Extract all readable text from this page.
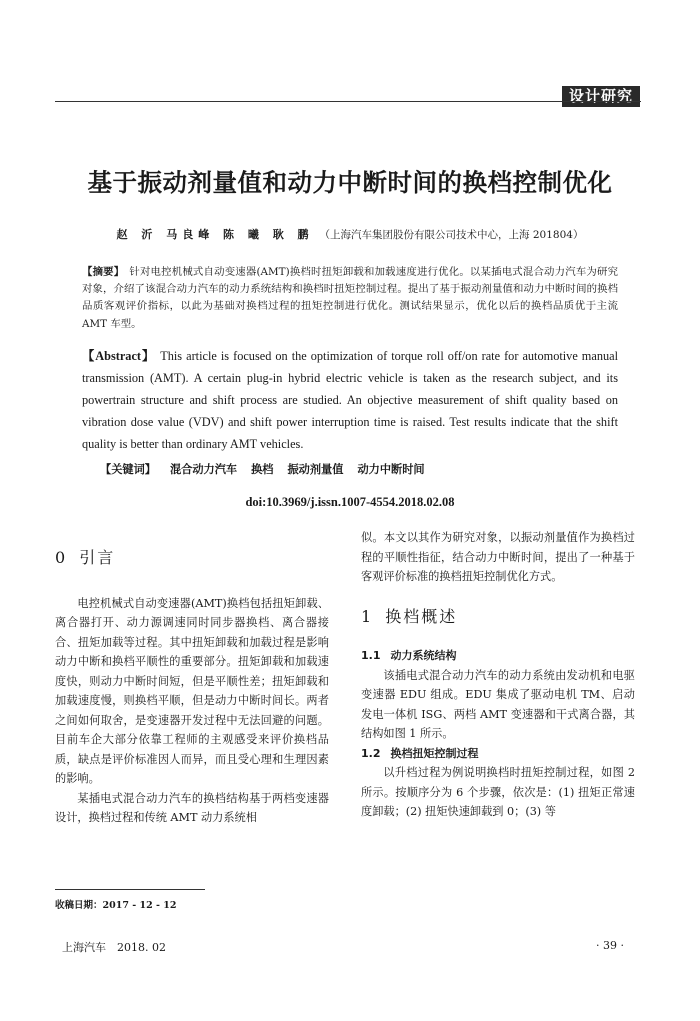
设计研究
基于振动剂量值和动力中断时间的换档控制优化
赵 沂 马良峰 陈 曦 耿 鹏 （上海汽车集团股份有限公司技术中心，上海 201804）
【摘要】 针对电控机械式自动变速器(AMT)换档时扭矩卸载和加载速度进行优化。以某插电式混合动力汽车为研究对象，介绍了该混合动力汽车的动力系统结构和换档时扭矩控制过程。提出了基于振动剂量值和动力中断时间的换档品质客观评价指标，以此为基础对换档过程的扭矩控制进行优化。测试结果显示，优化以后的换档品质优于主流 AMT 车型。
【Abstract】 This article is focused on the optimization of torque roll off/on rate for automotive manual transmission (AMT). A certain plug-in hybrid electric vehicle is taken as the research subject, and its powertrain structure and shift process are studied. An objective measurement of shift quality based on vibration dose value (VDV) and shift power interruption time is raised. Test results indicate that the shift quality is better than ordinary AMT vehicles.
【关键词】 混合动力汽车 换档 振动剂量值 动力中断时间
doi:10.3969/j.issn.1007-4554.2018.02.08
0 引言

电控机械式自动变速器(AMT)换档包括扭矩卸载、离合器打开、动力源调速同时同步器换档、离合器接合、扭矩加载等过程。其中扭矩卸载和加载过程是影响动力中断和换档平顺性的重要部分。扭矩卸载和加载速度快，则动力中断时间短，但是平顺性差；扭矩卸载和加载速度慢，则换档平顺，但是动力中断时间长。两者之间如何取舍，是变速器开发过程中无法回避的问题。目前车企大部分依靠工程师的主观感受来评价换档品质，缺点是评价标准因人而异，而且受心理和生理因素的影响。

某插电式混合动力汽车的换档结构基于两档变速器设计，换档过程和传统 AMT 动力系统相

似。本文以其作为研究对象，以振动剂量值作为换档过程的平顺性指征，结合动力中断时间，提出了一种基于客观评价标准的换档扭矩控制优化方式。

1 换档概述
1.1 动力系统结构

该插电式混合动力汽车的动力系统由发动机和电驱变速器 EDU 组成。EDU 集成了驱动电机 TM、启动发电一体机 ISG、两档 AMT 变速器和干式离合器，其结构如图 1 所示。

1.2 换档扭矩控制过程

以升档过程为例说明换档时扭矩控制过程，如图 2 所示。按顺序分为 6 个步骤，依次是：(1) 扭矩正常速度卸载；(2) 扭矩快速卸载到 0；(3) 等

收稿日期：2017 - 12 - 12
上海汽车　2018. 02	· 39 ·
